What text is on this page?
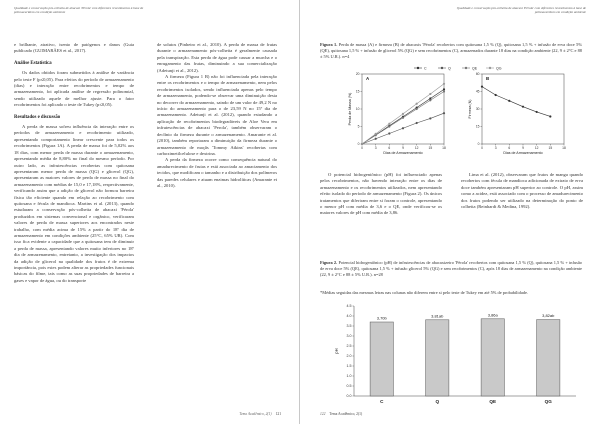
Qualidade e conservação pós-colheita de abacaxi 'Pérola' com diferentes revestimentos à base de polissacarídeos em condição ambiente

e brilhante, atrativo, isento de patógenos e danos (Guia publicado (GUIMARÃES et al., 2017).

Análise Estatística

Os dados obtidos foram submetidos à análise de variância pelo teste F (p≤0,05). Para efeitos do período de armazenamento (dias) e interação entre recobrimentos e tempo de armazenamento, foi aplicada análise de regressão polinomial, sendo utilizado aquele de melhor ajuste. Para o fator recobrimentos foi aplicado o teste de Tukey (p≤0,05).

Resultados e discussão

A perda de massa sofreu influência da interação entre os períodos de armazenamento e recobrimento utilizado, apresentando comportamento linear crescente para todos os recobrimentos (Figura 1A). A perda de massa foi de 5,02% aos 18 dias, com menor perda de massa durante o armazenamento, apresentando média de 8,80% no final do mesmo período. Por outro lado, as infrutescências recobertas com quitosana apresentaram menor perda de massa (QG) e glicerol (QG), apresentaram as maiores valores de perda de massa no final do armazenamento com médias de 15,0 e 17,18%, respectivamente, verificando assim que a adição de glicerol não formou barreira física tão eficiente quando em relação ao recobrimento com quitosana e fécula de mandioca. Martins et al. (2013), quando estudaram a conservação pós-colheita de abacaxi 'Pérola' produzidos em sistemas convencional e orgânico, verificaram valores de perda de massa superiores aos encontrados neste trabalho, com média acima de 15% a partir do 18º dia de armazenamento em condições ambiente (25°C, 65% UR). Com isso fica evidente a capacidade que a quitosana tem de diminuir a perda de massa, apresentando valores muito inferiores no 18º dia de armazenamento, entretanto, a investigação dos impactos da adição de glicerol na qualidade dos frutos é de extrema importância, pois estes podem alterar as propriedades funcionais básicas do filme, tais como as suas propriedades de barreira a gases e vapor de água, ou do transporte

de solutos (Pinheiro et al., 2010). A perda de massa de frutas durante o armazenamento pós-colheita é geralmente causada pela transpiração. Esta perda de água pode causar a murcha e o enrugamento das frutas, diminuindo a sua comercialização (Adetunji et al., 2012).

A firmeza (Figura 1 B) não foi influenciada pela interação entre os recobrimentos e o tempo de armazenamento, nem pelos recobrimentos isolados, sendo influenciada apenas pelo tempo de armazenamento, podendo-se observar uma diminuição desta no decorrer do armazenamento, saindo de um valor de 49,2 N no início do armazenamento para o de 23,59 N no 15º dia de armazenamento. Adetunji et al. (2012), quando estudando a aplicação de recobrimentos biodegradáveis de Aloe Vera em infrutescências de abacaxi 'Perola', também observaram o declínio da firmeza durante o armazenamento. Amarante et al. (2010), também reportaram a diminuição da firmeza durante o armazenamento de maçãs 'Tommy Atkins' recobertas com carboximetilcelulose e dextrina.

A perda da firmeza ocorre como consequência natural do amadurecimento de frutas e está associada ao amaciamento dos tecidos, que modificam o tamanho e a distribuição dos polímeros das paredes celulares e atuam enzimas hidrolíticas (Amarante et al., 2010).

Tema Acadêmico, 2(1) 121
Qualidade e conservação pós-colheita de abacaxi 'Pérola' com diferentes revestimentos à base de polissacarídeos em condição ambiente
Figura 1. Perda de massa (A) e firmeza (B) de abacaxis 'Pérola' recobertos com quitosana 1,5 % (Q), quitosana 1,5 % + infusão de erva doce 5% (QE), quitosana 1,5 % + infusão de glicerol 5% (QG) e sem recobrimentos (C), armazenados durante 18 dias na condição ambiente (22, 9 ± 2°C e 88 ± 5% U.R.). n=4
C	Q	QE	QG
0	3	6	9	12	15	18
0
5
10
15
20
Dias de Armazenamento
Perda de Massa (%)
A
0	3	6	9	12	15	18
0
15
30
45
60
Dias de Armazenamento
Firmeza (N)
B

O potencial hidrogeniônico (pH) foi influenciado apenas pelos recobrimentos, não havendo interação entre os dias de armazenamento e os recobrimentos utilizados, nem apresentando efeito isolado do período de armazenamento (Figura 2). Os únicos tratamentos que diferiram entre si foram o controle, apresentando o menor pH com média de 3,6 e o QE, onde verificou-se os maiores valores de pH com média de 3,86.

Lima et al. (2012), observaram que frutos de manga quando recobertos com fécula de mandioca adicionada de extrato de erva doce também apresentaram pH superior ao controle. O pH, assim como a acidez, está associado com o processo de amadurecimento dos frutos podendo ser utilizado na determinação do ponto de colheita (Reinhardt & Medina, 1992).

Figura 2. Potencial hidrogeniônico (pH) de infrutescências de abacaxizeiro 'Pérola' recobertos com quitosana 1,5 % (Q), quitosana 1,5 % + infusão de erva doce 5% (QE), quitosana 1,5 % + infusão glicerol 5% (QG) e sem recobrimentos (C), após 18 dias de armazenamento na condição ambiente (22, 9 ± 2°C e 88 ± 5% U.R.). n=28
*Médias seguidas das mesmas letras nas colunas não diferem entre si pelo teste de Tukey em até 5% de probabilidade.
0.0
0.5
1.0
1.5
2.0
2.5
3.0
3.5
4.0
4.5
pH
3,70b
C
3,81ab
Q
3,86a
QE
3,82ab
QG
122 Tema Acadêmico, 2(1)
